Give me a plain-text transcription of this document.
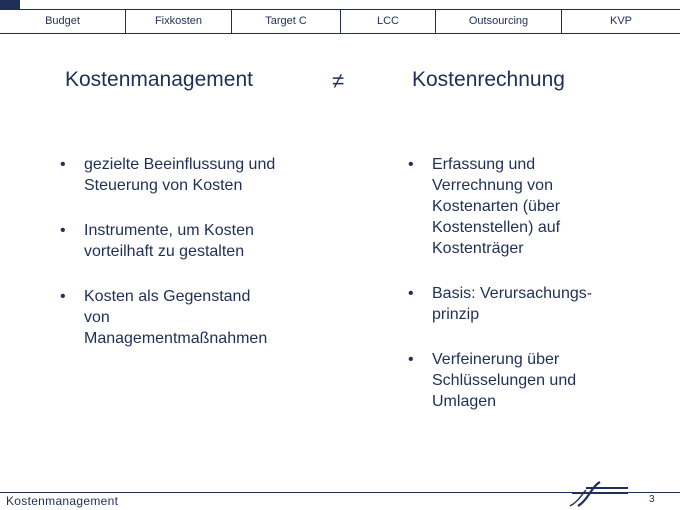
Budget	Fixkosten	Target C	LCC	Outsourcing	KVP
Kostenmanagement	≠	Kostenrechnung
• gezielte Beeinflussung und Steuerung von Kosten
• Instrumente, um Kosten vorteilhaft zu gestalten
• Kosten als Gegenstand von Managementmaßnahmen
• Erfassung und Verrechnung von Kostenarten (über Kostenstellen) auf Kostenträger
• Basis: Verursachungs- prinzip
• Verfeinerung über Schlüsselungen und Umlagen
Kostenmanagement	3
